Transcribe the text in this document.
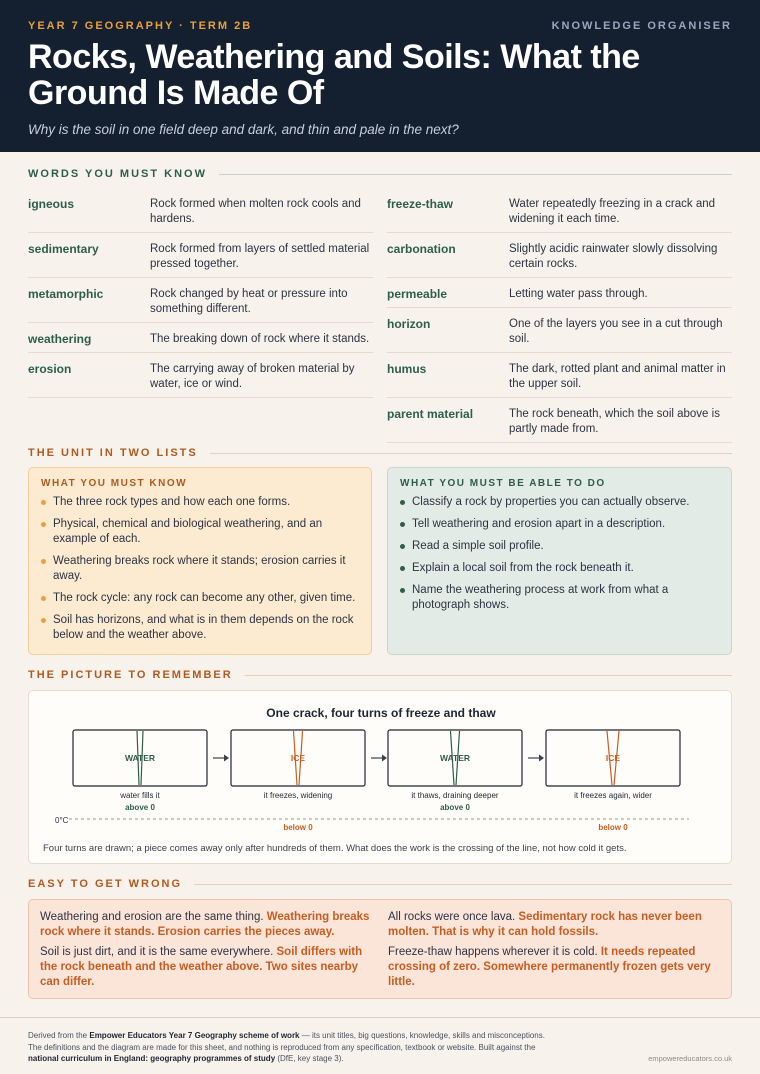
YEAR 7 GEOGRAPHY · TERM 2B	KNOWLEDGE ORGANISER
Rocks, Weathering and Soils: What the Ground Is Made Of
Why is the soil in one field deep and dark, and thin and pale in the next?
WORDS YOU MUST KNOW
igneous	Rock formed when molten rock cools and hardens.
sedimentary	Rock formed from layers of settled material pressed together.
metamorphic	Rock changed by heat or pressure into something different.
weathering	The breaking down of rock where it stands.
erosion	The carrying away of broken material by water, ice or wind.
freeze-thaw	Water repeatedly freezing in a crack and widening it each time.
carbonation	Slightly acidic rainwater slowly dissolving certain rocks.
permeable	Letting water pass through.
horizon	One of the layers you see in a cut through soil.
humus	The dark, rotted plant and animal matter in the upper soil.
parent material	The rock beneath, which the soil above is partly made from.
THE UNIT IN TWO LISTS
WHAT YOU MUST KNOW
The three rock types and how each one forms.
Physical, chemical and biological weathering, and an example of each.
Weathering breaks rock where it stands; erosion carries it away.
The rock cycle: any rock can become any other, given time.
Soil has horizons, and what is in them depends on the rock below and the weather above.
WHAT YOU MUST BE ABLE TO DO
Classify a rock by properties you can actually observe.
Tell weathering and erosion apart in a description.
Read a simple soil profile.
Explain a local soil from the rock beneath it.
Name the weathering process at work from what a photograph shows.
THE PICTURE TO REMEMBER
One crack, four turns of freeze and thaw
0°C
WATER
water fills it
above 0
ICE
it freezes, widening
below 0
WATER
it thaws, draining deeper
above 0
ICE
it freezes again, wider
below 0
Four turns are drawn; a piece comes away only after hundreds of them. What does the work is the crossing of the line, not how cold it gets.
EASY TO GET WRONG
Weathering and erosion are the same thing. Weathering breaks rock where it stands. Erosion carries the pieces away.
Soil is just dirt, and it is the same everywhere. Soil differs with the rock beneath and the weather above. Two sites nearby can differ.
All rocks were once lava. Sedimentary rock has never been molten. That is why it can hold fossils.
Freeze-thaw happens wherever it is cold. It needs repeated crossing of zero. Somewhere permanently frozen gets very little.

Derived from the Empower Educators Year 7 Geography scheme of work — its unit titles, big questions, knowledge, skills and misconceptions. The definitions and the diagram are made for this sheet, and nothing is reproduced from any specification, textbook or website. Built against the national curriculum in England: geography programmes of study (DfE, key stage 3).	empowereducators.co.uk
